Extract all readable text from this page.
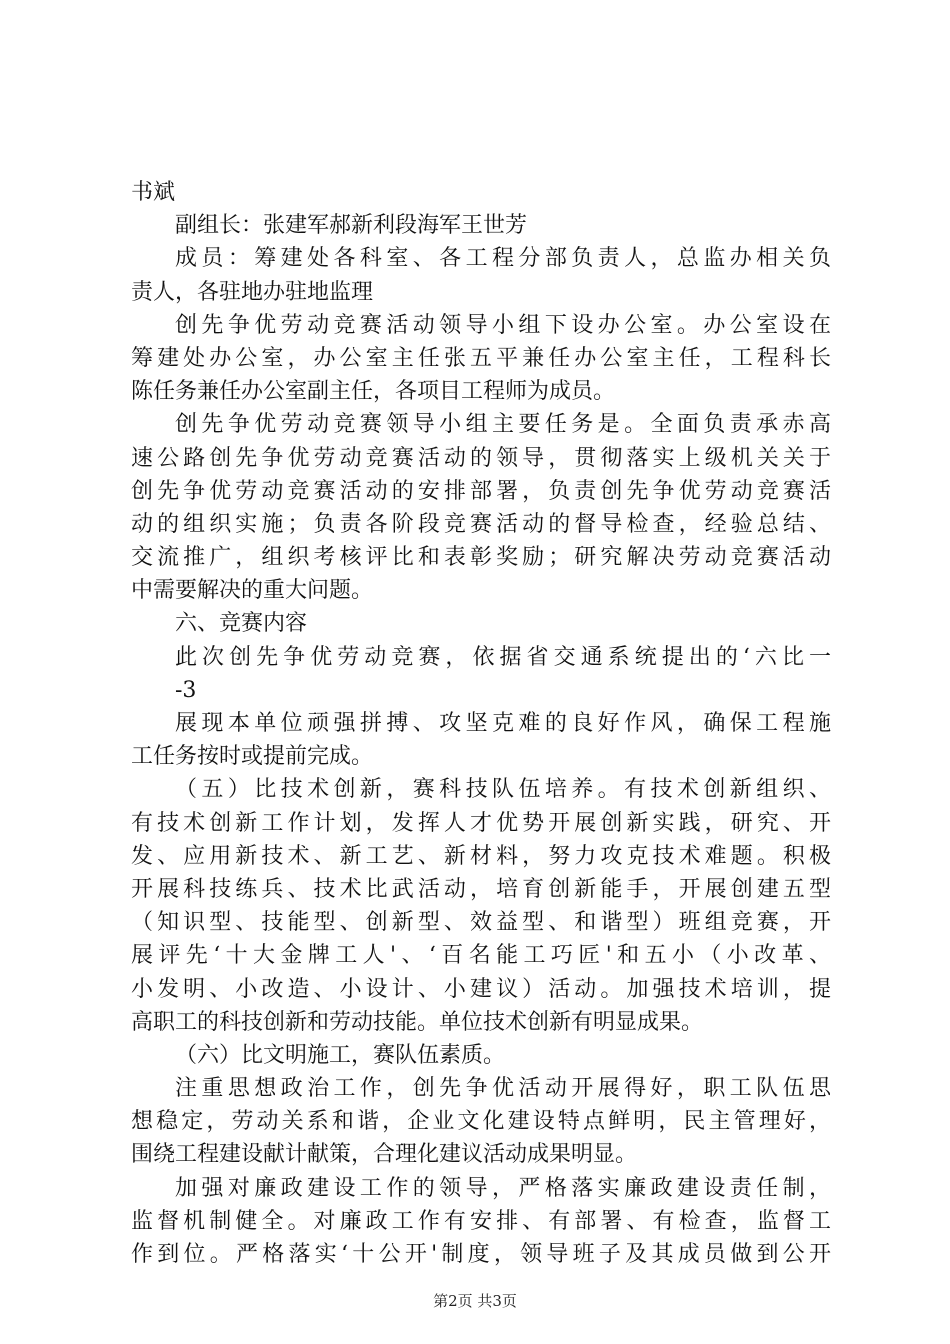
书斌
副组长：张建军郝新利段海军王世芳
成员：筹建处各科室、各工程分部负责人，总监办相关负
责人，各驻地办驻地监理
创先争优劳动竞赛活动领导小组下设办公室。办公室设在
筹建处办公室，办公室主任张五平兼任办公室主任，工程科长
陈任务兼任办公室副主任，各项目工程师为成员。
创先争优劳动竞赛领导小组主要任务是。全面负责承赤高
速公路创先争优劳动竞赛活动的领导，贯彻落实上级机关关于
创先争优劳动竞赛活动的安排部署，负责创先争优劳动竞赛活
动的组织实施；负责各阶段竞赛活动的督导检查，经验总结、
交流推广，组织考核评比和表彰奖励；研究解决劳动竞赛活动
中需要解决的重大问题。
六、竞赛内容
此次创先争优劳动竞赛，依据省交通系统提出的‘六比一
-3
展现本单位顽强拼搏、攻坚克难的良好作风，确保工程施
工任务按时或提前完成。
（五）比技术创新，赛科技队伍培养。有技术创新组织、
有技术创新工作计划，发挥人才优势开展创新实践，研究、开
发、应用新技术、新工艺、新材料，努力攻克技术难题。积极
开展科技练兵、技术比武活动，培育创新能手，开展创建五型
（知识型、技能型、创新型、效益型、和谐型）班组竞赛，开
展评先‘十大金牌工人'、‘百名能工巧匠'和五小（小改革、
小发明、小改造、小设计、小建议）活动。加强技术培训，提
高职工的科技创新和劳动技能。单位技术创新有明显成果。
（六）比文明施工，赛队伍素质。
注重思想政治工作，创先争优活动开展得好，职工队伍思
想稳定，劳动关系和谐，企业文化建设特点鲜明，民主管理好，
围绕工程建设献计献策，合理化建议活动成果明显。
加强对廉政建设工作的领导，严格落实廉政建设责任制，
监督机制健全。对廉政工作有安排、有部署、有检查，监督工
作到位。严格落实‘十公开'制度，领导班子及其成员做到公开
第2页 共3页
